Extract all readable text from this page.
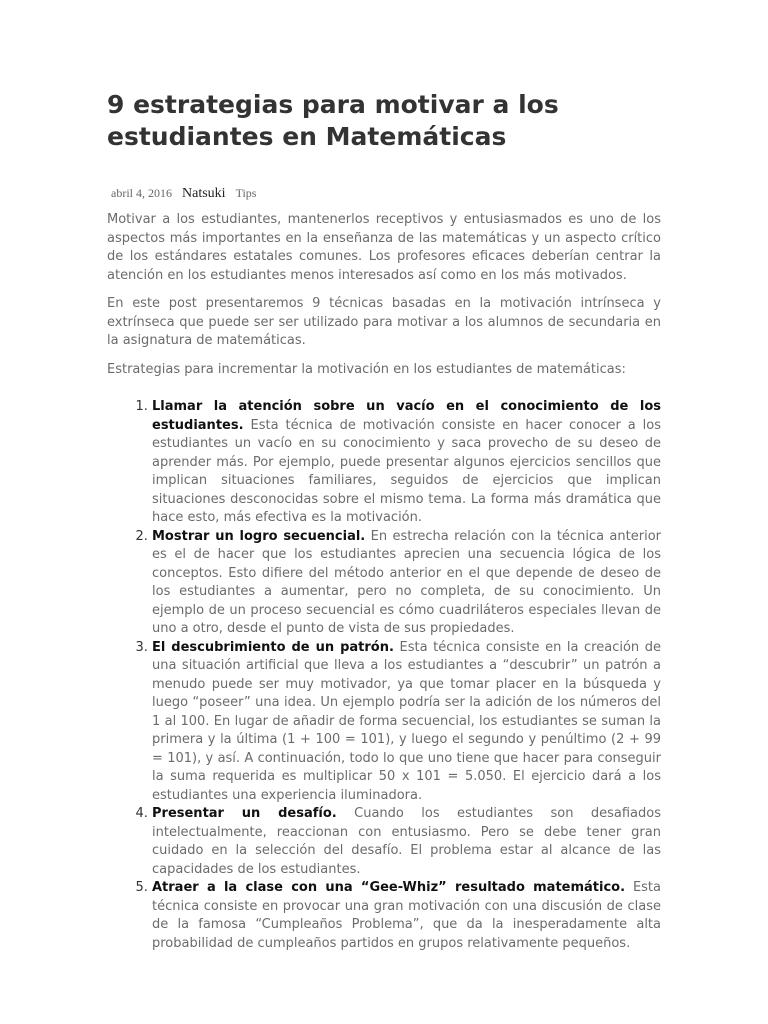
9 estrategias para motivar a los estudiantes en Matemáticas
abril 4, 2016 Natsuki Tips

Motivar a los estudiantes, mantenerlos receptivos y entusiasmados es uno de los aspectos más importantes en la enseñanza de las matemáticas y un aspecto crítico de los estándares estatales comunes. Los profesores eficaces deberían centrar la atención en los estudiantes menos interesados así como en los más motivados.

En este post presentaremos 9 técnicas basadas en la motivación intrínseca y extrínseca que puede ser ser utilizado para motivar a los alumnos de secundaria en la asignatura de matemáticas.

Estrategias para incrementar la motivación en los estudiantes de matemáticas:

1. Llamar la atención sobre un vacío en el conocimiento de los estudiantes. Esta técnica de motivación consiste en hacer conocer a los estudiantes un vacío en su conocimiento y saca provecho de su deseo de aprender más. Por ejemplo, puede presentar algunos ejercicios sencillos que implican situaciones familiares, seguidos de ejercicios que implican situaciones desconocidas sobre el mismo tema. La forma más dramática que hace esto, más efectiva es la motivación.
2. Mostrar un logro secuencial. En estrecha relación con la técnica anterior es el de hacer que los estudiantes aprecien una secuencia lógica de los conceptos. Esto difiere del método anterior en el que depende de deseo de los estudiantes a aumentar, pero no completa, de su conocimiento. Un ejemplo de un proceso secuencial es cómo cuadriláteros especiales llevan de uno a otro, desde el punto de vista de sus propiedades.
3. El descubrimiento de un patrón. Esta técnica consiste en la creación de una situación artificial que lleva a los estudiantes a “descubrir” un patrón a menudo puede ser muy motivador, ya que tomar placer en la búsqueda y luego “poseer” una idea. Un ejemplo podría ser la adición de los números del 1 al 100. En lugar de añadir de forma secuencial, los estudiantes se suman la primera y la última (1 + 100 = 101), y luego el segundo y penúltimo (2 + 99 = 101), y así. A continuación, todo lo que uno tiene que hacer para conseguir la suma requerida es multiplicar 50 x 101 = 5.050. El ejercicio dará a los estudiantes una experiencia iluminadora.
4. Presentar un desafío. Cuando los estudiantes son desafiados intelectualmente, reaccionan con entusiasmo. Pero se debe tener gran cuidado en la selección del desafío. El problema estar al alcance de las capacidades de los estudiantes.
5. Atraer a la clase con una “Gee-Whiz” resultado matemático. Esta técnica consiste en provocar una gran motivación con una discusión de clase de la famosa “Cumpleaños Problema”, que da la inesperadamente alta probabilidad de cumpleaños partidos en grupos relativamente pequeños.
